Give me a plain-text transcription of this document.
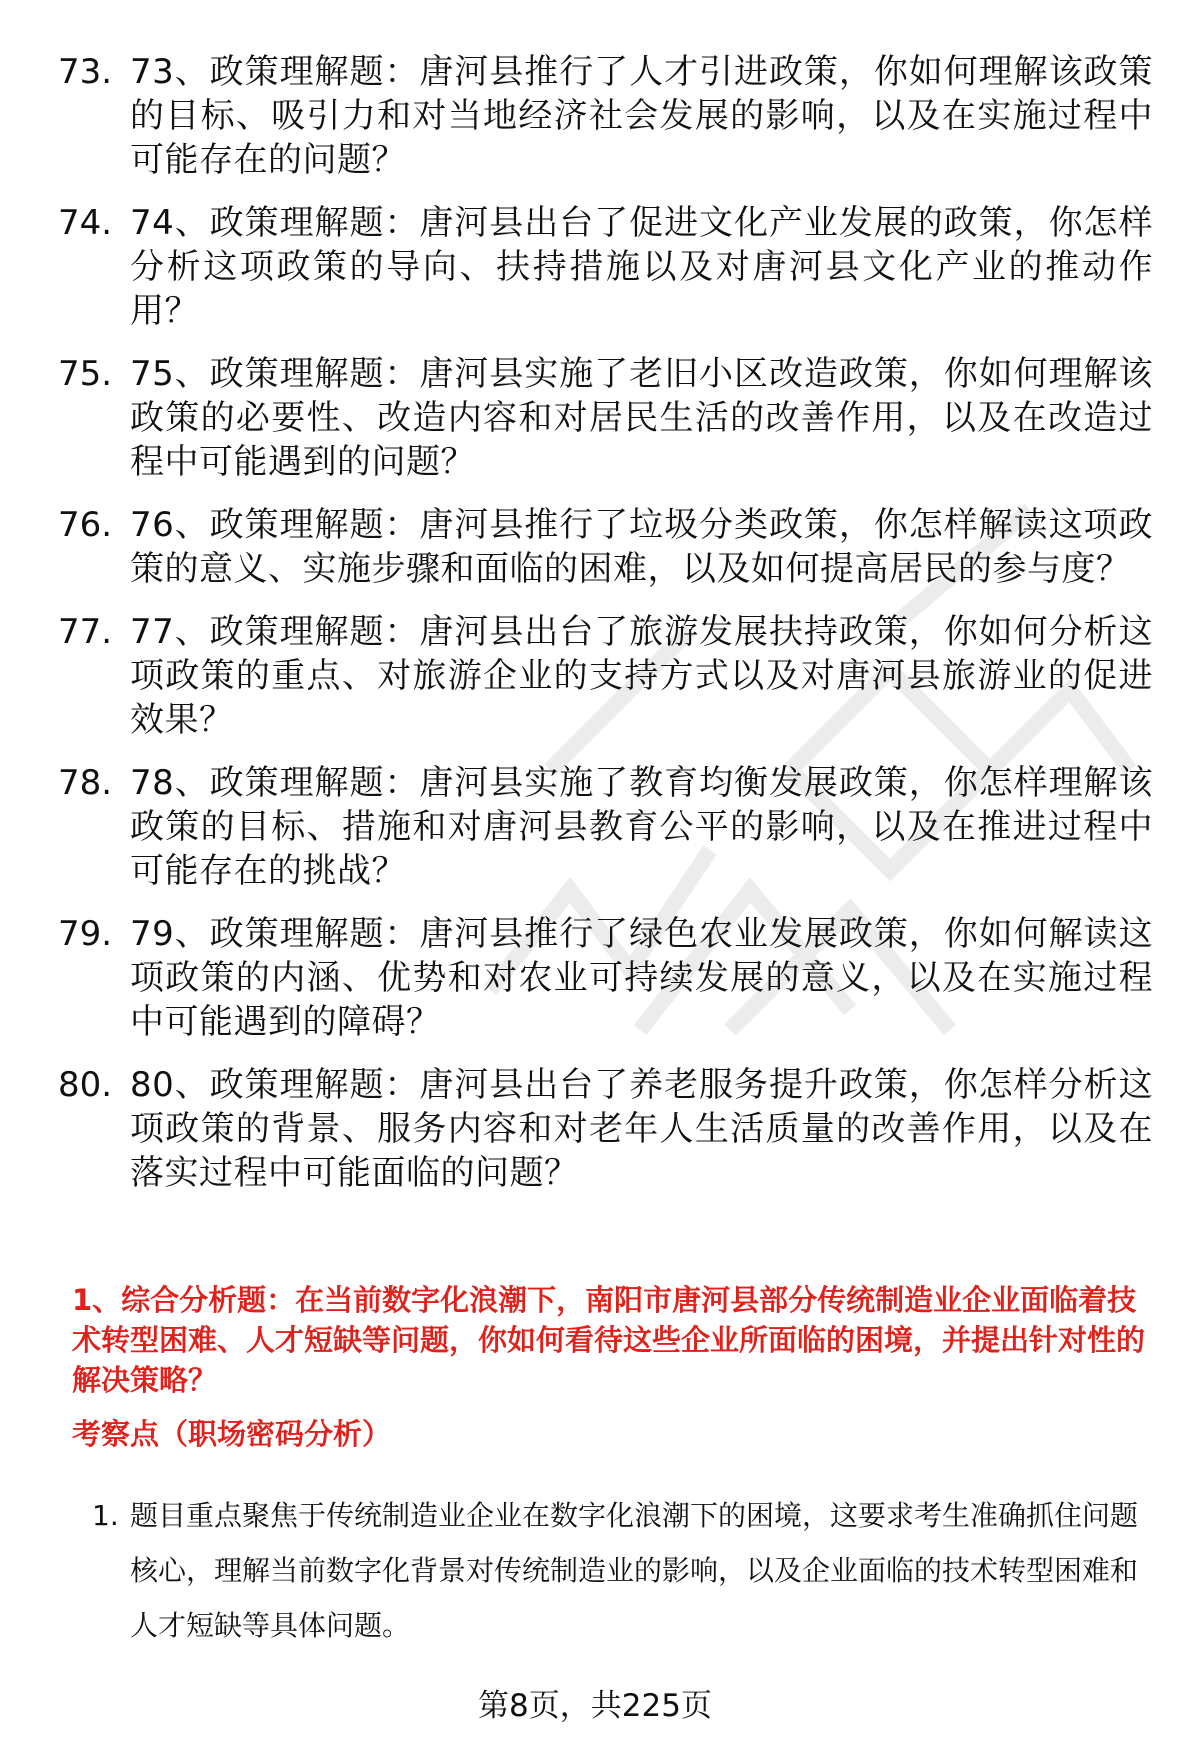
73. 73、政策理解题：唐河县推行了人才引进政策，你如何理解该政策的目标、吸引力和对当地经济社会发展的影响，以及在实施过程中可能存在的问题？
74. 74、政策理解题：唐河县出台了促进文化产业发展的政策，你怎样分析这项政策的导向、扶持措施以及对唐河县文化产业的推动作用？
75. 75、政策理解题：唐河县实施了老旧小区改造政策，你如何理解该政策的必要性、改造内容和对居民生活的改善作用，以及在改造过程中可能遇到的问题？
76. 76、政策理解题：唐河县推行了垃圾分类政策，你怎样解读这项政策的意义、实施步骤和面临的困难，以及如何提高居民的参与度？
77. 77、政策理解题：唐河县出台了旅游发展扶持政策，你如何分析这项政策的重点、对旅游企业的支持方式以及对唐河县旅游业的促进效果？
78. 78、政策理解题：唐河县实施了教育均衡发展政策，你怎样理解该政策的目标、措施和对唐河县教育公平的影响，以及在推进过程中可能存在的挑战？
79. 79、政策理解题：唐河县推行了绿色农业发展政策，你如何解读这项政策的内涵、优势和对农业可持续发展的意义，以及在实施过程中可能遇到的障碍？
80. 80、政策理解题：唐河县出台了养老服务提升政策，你怎样分析这项政策的背景、服务内容和对老年人生活质量的改善作用，以及在落实过程中可能面临的问题？

1、综合分析题：在当前数字化浪潮下，南阳市唐河县部分传统制造业企业面临着技术转型困难、人才短缺等问题，你如何看待这些企业所面临的困境，并提出针对性的解决策略？

考察点（职场密码分析）

1. 题目重点聚焦于传统制造业企业在数字化浪潮下的困境，这要求考生准确抓住问题核心，理解当前数字化背景对传统制造业的影响，以及企业面临的技术转型困难和人才短缺等具体问题。
第8页，共225页
